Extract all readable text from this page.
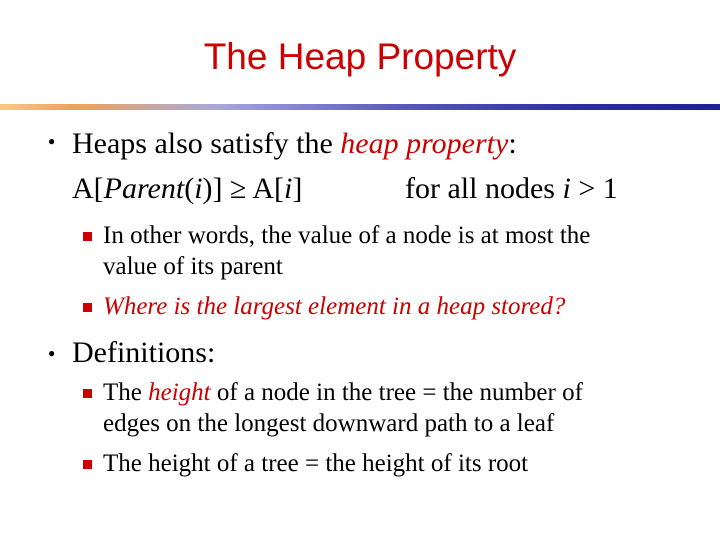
The Heap Property
● Heaps also satisfy the heap property:
A[Parent(i)] ≥ A[i]	for all nodes i > 1
In other words, the value of a node is at most the
value of its parent
Where is the largest element in a heap stored?
● Definitions:
The height of a node in the tree = the number of
edges on the longest downward path to a leaf
The height of a tree = the height of its root
